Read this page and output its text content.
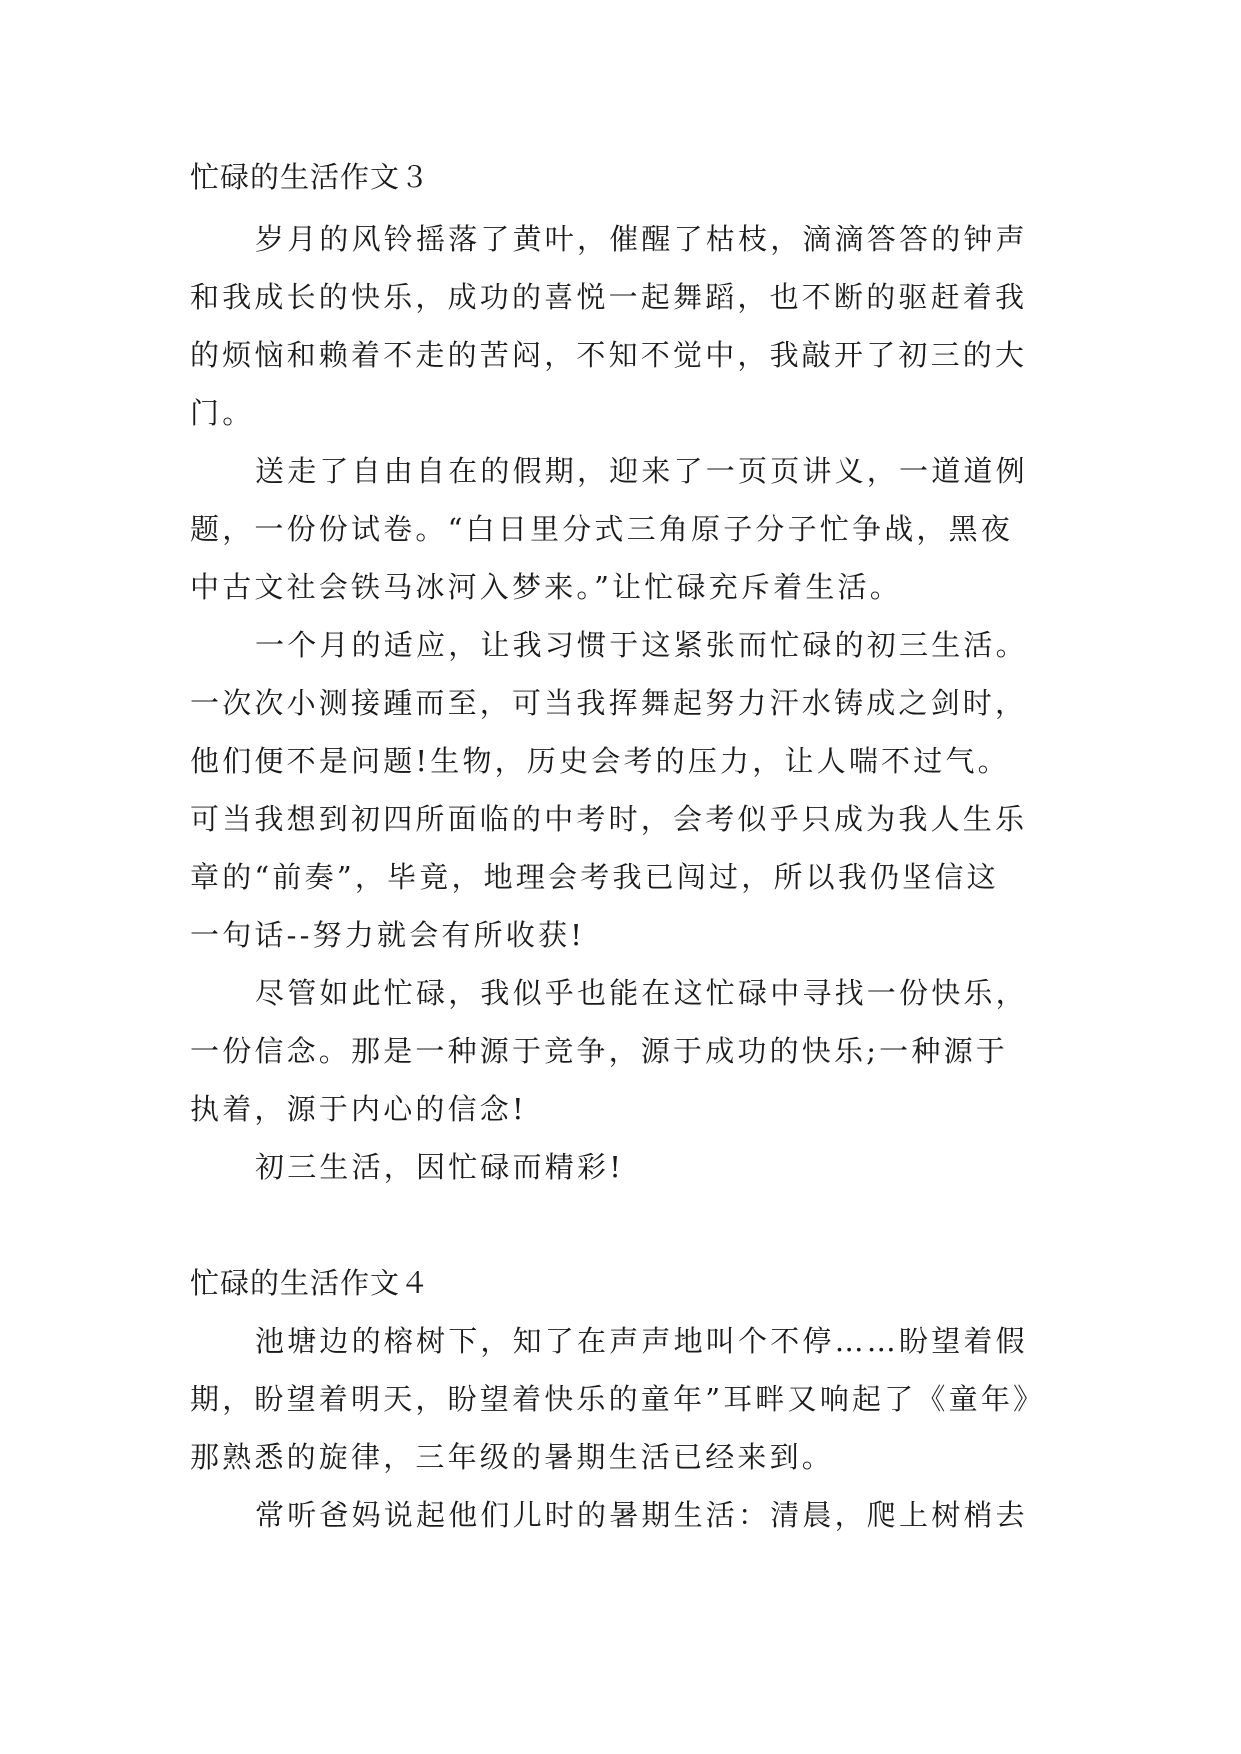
忙碌的生活作文３
岁月的风铃摇落了黄叶，催醒了枯枝，滴滴答答的钟声
和我成长的快乐，成功的喜悦一起舞蹈，也不断的驱赶着我
的烦恼和赖着不走的苦闷，不知不觉中，我敲开了初三的大
门。
送走了自由自在的假期，迎来了一页页讲义，一道道例
题，一份份试卷。“白日里分式三角原子分子忙争战，黑夜
中古文社会铁马冰河入梦来。”让忙碌充斥着生活。
一个月的适应，让我习惯于这紧张而忙碌的初三生活。
一次次小测接踵而至，可当我挥舞起努力汗水铸成之剑时，
他们便不是问题!生物，历史会考的压力，让人喘不过气。
可当我想到初四所面临的中考时，会考似乎只成为我人生乐
章的“前奏”，毕竟，地理会考我已闯过，所以我仍坚信这
一句话--努力就会有所收获!
尽管如此忙碌，我似乎也能在这忙碌中寻找一份快乐，
一份信念。那是一种源于竞争，源于成功的快乐;一种源于
执着，源于内心的信念!
初三生活，因忙碌而精彩!
忙碌的生活作文４
池塘边的榕树下，知了在声声地叫个不停……盼望着假
期，盼望着明天，盼望着快乐的童年”耳畔又响起了《童年》
那熟悉的旋律，三年级的暑期生活已经来到。
常听爸妈说起他们儿时的暑期生活：清晨，爬上树梢去
